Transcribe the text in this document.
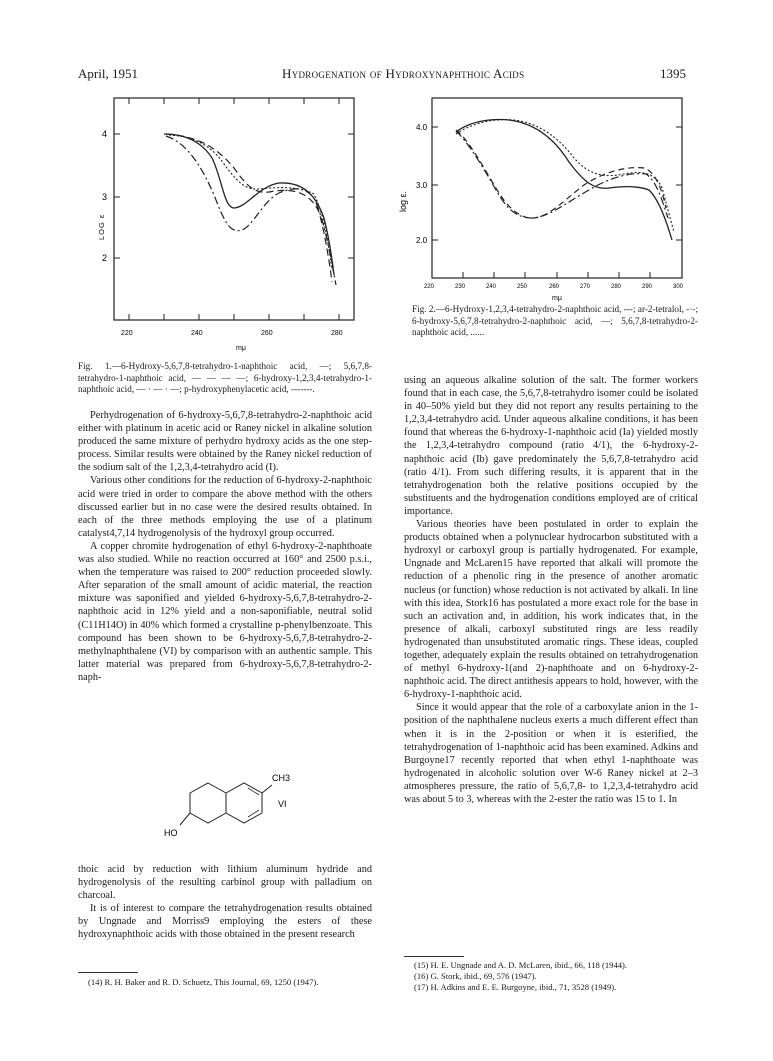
April, 1951	Hydrogenation of Hydroxynaphthoic Acids	1395
4
3
2
LOG ε
220	240	260	280
mμ
Fig. 1.—6-Hydroxy-5,6,7,8-tetrahydro-1-naphthoic acid, —; 5,6,7,8-tetrahydro-1-naphthoic acid, — — — —; 6-hydroxy-1,2,3,4-tetrahydro-1-naphthoic acid, — · — · —; p-hydroxyphenylacetic acid, -------.
4.0
3.0
2.0
log ε.
220	230	240	250	260	270	280	290	300
mμ
Fig. 2.—6-Hydroxy-1,2,3,4-tetrahydro-2-naphthoic acid, ---; ar-2-tetralol, -·-; 6-hydroxy-5,6,7,8-tetrahydro-2-naphthoic acid, —; 5,6,7,8-tetrahydro-2-naphthoic acid, ......

Perhydrogenation of 6-hydroxy-5,6,7,8-tetrahydro-2-naphthoic acid either with platinum in acetic acid or Raney nickel in alkaline solution produced the same mixture of perhydro hydroxy acids as the one step-process. Similar results were obtained by the Raney nickel reduction of the sodium salt of the 1,2,3,4-tetrahydro acid (I).

Various other conditions for the reduction of 6-hydroxy-2-naphthoic acid were tried in order to compare the above method with the others discussed earlier but in no case were the desired results obtained. In each of the three methods employing the use of a platinum catalyst4,7,14 hydrogenolysis of the hydroxyl group occurred.

A copper chromite hydrogenation of ethyl 6-hydroxy-2-naphthoate was also studied. While no reaction occurred at 160° and 2500 p.s.i., when the temperature was raised to 200° reduction proceeded slowly. After separation of the small amount of acidic material, the reaction mixture was saponified and yielded 6-hydroxy-5,6,7,8-tetrahydro-2-naphthoic acid in 12% yield and a non-saponifiable, neutral solid (C11H14O) in 40% which formed a crystalline p-phenylbenzoate. This compound has been shown to be 6-hydroxy-5,6,7,8-tetrahydro-2-methylnaphthalene (VI) by comparison with an authentic sample. This latter material was prepared from 6-hydroxy-5,6,7,8-tetrahydro-2-naph-

CH3
VI
HO

thoic acid by reduction with lithium aluminum hydride and hydrogenolysis of the resulting carbinol group with palladium on charcoal.

It is of interest to compare the tetrahydrogenation results obtained by Ungnade and Morriss9 employing the esters of these hydroxynaphthoic acids with those obtained in the present research

(14) R. H. Baker and R. D. Schuetz, This Journal, 69, 1250 (1947).

using an aqueous alkaline solution of the salt. The former workers found that in each case, the 5,6,7,8-tetrahydro isomer could be isolated in 40–50% yield but they did not report any results pertaining to the 1,2,3,4-tetrahydro acid. Under aqueous alkaline conditions, it has been found that whereas the 6-hydroxy-1-naphthoic acid (Ia) yielded mostly the 1,2,3,4-tetrahydro compound (ratio 4/1), the 6-hydroxy-2-naphthoic acid (Ib) gave predominately the 5,6,7,8-tetrahydro acid (ratio 4/1). From such differing results, it is apparent that in the tetrahydrogenation both the relative positions occupied by the substituents and the hydrogenation conditions employed are of critical importance.

Various theories have been postulated in order to explain the products obtained when a polynuclear hydrocarbon substituted with a hydroxyl or carboxyl group is partially hydrogenated. For example, Ungnade and McLaren15 have reported that alkali will promote the reduction of a phenolic ring in the presence of another aromatic nucleus (or function) whose reduction is not activated by alkali. In line with this idea, Stork16 has postulated a more exact role for the base in such an activation and, in addition, his work indicates that, in the presence of alkali, carboxyl substituted rings are less readily hydrogenated than unsubstituted aromatic rings. These ideas, coupled together, adequately explain the results obtained on tetrahydrogenation of methyl 6-hydroxy-1(and 2)-naphthoate and on 6-hydroxy-2-naphthoic acid. The direct antithesis appears to hold, however, with the 6-hydroxy-1-naphthoic acid.

Since it would appear that the role of a carboxylate anion in the 1-position of the naphthalene nucleus exerts a much different effect than when it is in the 2-position or when it is esterified, the tetrahydrogenation of 1-naphthoic acid has been examined. Adkins and Burgoyne17 recently reported that when ethyl 1-naphthoate was hydrogenated in alcoholic solution over W-6 Raney nickel at 2–3 atmospheres pressure, the ratio of 5,6,7,8- to 1,2,3,4-tetrahydro acid was about 5 to 3, whereas with the 2-ester the ratio was 15 to 1. In

(15) H. E. Ungnade and A. D. McLaren, ibid., 66, 118 (1944).

(16) G. Stork, ibid., 69, 576 (1947).

(17) H. Adkins and E. E. Burgoyne, ibid., 71, 3528 (1949).
